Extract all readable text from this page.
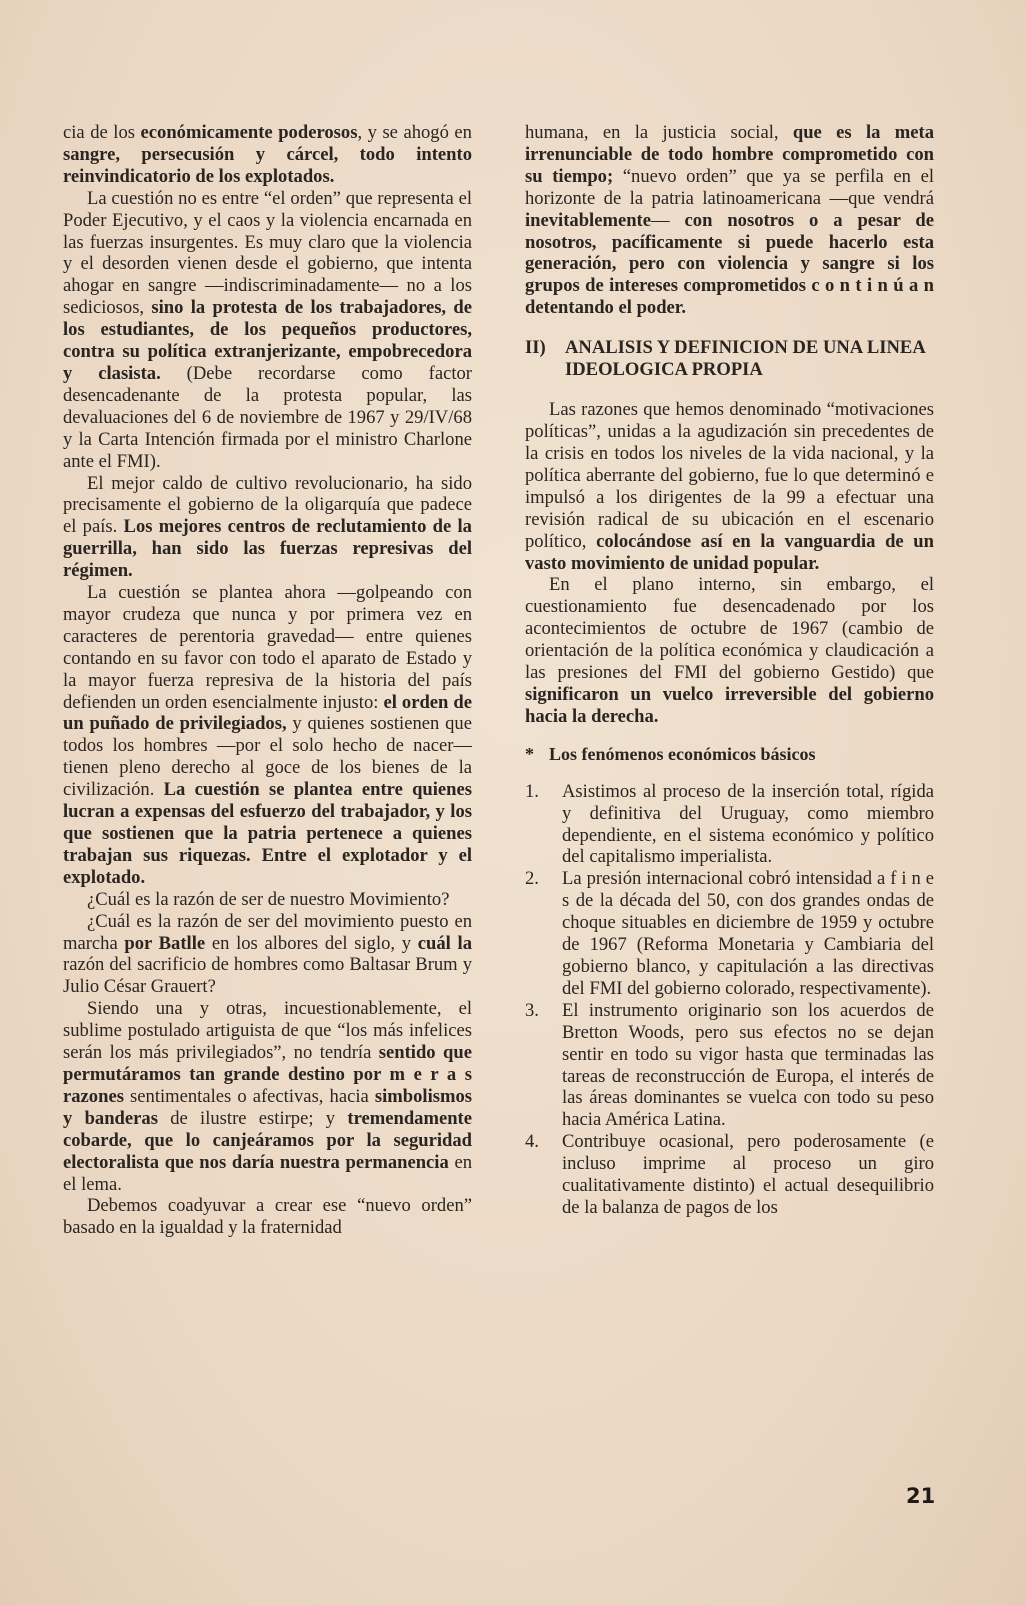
cia de los económicamente poderosos, y se ahogó en sangre, persecusión y cárcel, todo intento reinvindicatorio de los explotados.

La cuestión no es entre “el orden” que representa el Poder Ejecutivo, y el caos y la violencia encarnada en las fuerzas insurgentes. Es muy claro que la violencia y el desorden vienen desde el gobierno, que intenta ahogar en sangre —indiscriminadamente— no a los sediciosos, sino la protesta de los trabajadores, de los estudiantes, de los pequeños productores, contra su política extranjerizante, empobrecedora y clasista. (Debe recordarse como factor desencadenante de la protesta popular, las devaluaciones del 6 de noviembre de 1967 y 29/IV/68 y la Carta Intención firmada por el ministro Charlone ante el FMI).

El mejor caldo de cultivo revolucionario, ha sido precisamente el gobierno de la oligarquía que padece el país. Los mejores centros de reclutamiento de la guerrilla, han sido las fuerzas represivas del régimen.

La cuestión se plantea ahora —golpeando con mayor crudeza que nunca y por primera vez en caracteres de perentoria gravedad— entre quienes contando en su favor con todo el aparato de Estado y la mayor fuerza represiva de la historia del país defienden un orden esencialmente injusto: el orden de un puñado de privilegiados, y quienes sostienen que todos los hombres —por el solo hecho de nacer— tienen pleno derecho al goce de los bienes de la civilización. La cuestión se plantea entre quienes lucran a expensas del esfuerzo del trabajador, y los que sostienen que la patria pertenece a quienes trabajan sus riquezas. Entre el explotador y el explotado.

¿Cuál es la razón de ser de nuestro Movimiento?

¿Cuál es la razón de ser del movimiento puesto en marcha por Batlle en los albores del siglo, y cuál la razón del sacrificio de hombres como Baltasar Brum y Julio César Grauert?

Siendo una y otras, incuestionablemente, el sublime postulado artiguista de que “los más infelices serán los más privilegiados”, no tendría sentido que permutáramos tan grande destino por m e r a s razones sentimentales o afectivas, hacia simbolismos y banderas de ilustre estirpe; y tremendamente cobarde, que lo canjeáramos por la seguridad electoralista que nos daría nuestra permanencia en el lema.

Debemos coadyuvar a crear ese “nuevo orden” basado en la igualdad y la fraternidad

humana, en la justicia social, que es la meta irrenunciable de todo hombre comprometido con su tiempo; “nuevo orden” que ya se perfila en el horizonte de la patria latinoamericana —que vendrá inevitablemente— con nosotros o a pesar de nosotros, pacíficamente si puede hacerlo esta generación, pero con violencia y sangre si los grupos de intereses comprometidos c o n t i n ú a n detentando el poder.

II) ANALISIS Y DEFINICION DE UNA LINEA IDEOLOGICA PROPIA

Las razones que hemos denominado “motivaciones políticas”, unidas a la agudización sin precedentes de la crisis en todos los niveles de la vida nacional, y la política aberrante del gobierno, fue lo que determinó e impulsó a los dirigentes de la 99 a efectuar una revisión radical de su ubicación en el escenario político, colocándose así en la vanguardia de un vasto movimiento de unidad popular.

En el plano interno, sin embargo, el cuestionamiento fue desencadenado por los acontecimientos de octubre de 1967 (cambio de orientación de la política económica y claudicación a las presiones del FMI del gobierno Gestido) que significaron un vuelco irreversible del gobierno hacia la derecha.

* Los fenómenos económicos básicos

1. Asistimos al proceso de la inserción total, rígida y definitiva del Uruguay, como miembro dependiente, en el sistema económico y político del capitalismo imperialista.

2. La presión internacional cobró intensidad a f i n e s de la década del 50, con dos grandes ondas de choque situables en diciembre de 1959 y octubre de 1967 (Reforma Monetaria y Cambiaria del gobierno blanco, y capitulación a las directivas del FMI del gobierno colorado, respectivamente).

3. El instrumento originario son los acuerdos de Bretton Woods, pero sus efectos no se dejan sentir en todo su vigor hasta que terminadas las tareas de reconstrucción de Europa, el interés de las áreas dominantes se vuelca con todo su peso hacia América Latina.

4. Contribuye ocasional, pero poderosamente (e incluso imprime al proceso un giro cualitativamente distinto) el actual desequilibrio de la balanza de pagos de los

21
